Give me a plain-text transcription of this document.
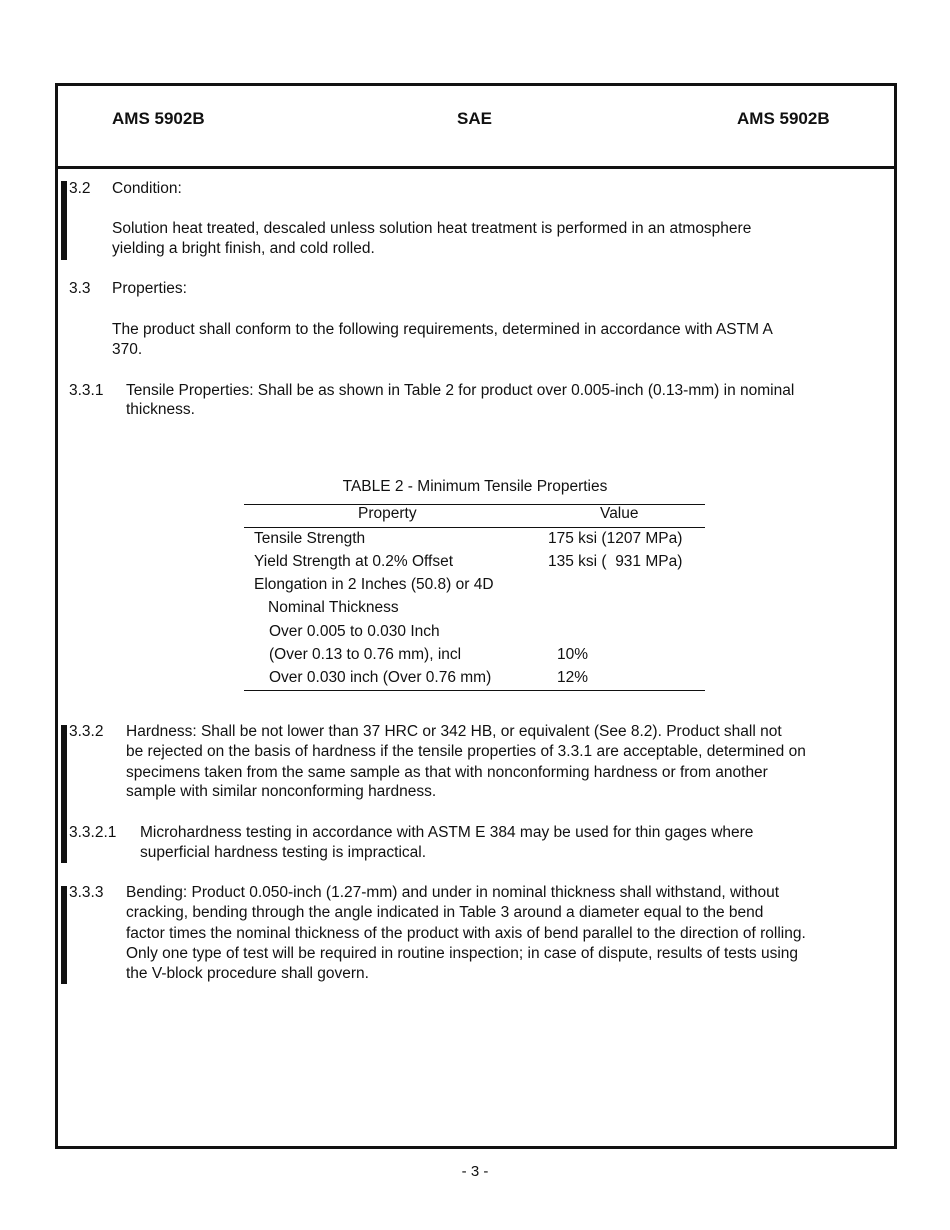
AMS 5902B	SAE	AMS 5902B
3.2 Condition:
Solution heat treated, descaled unless solution heat treatment is performed in an atmosphere
yielding a bright finish, and cold rolled.
3.3 Properties:
The product shall conform to the following requirements, determined in accordance with ASTM A
370.
3.3.1 Tensile Properties: Shall be as shown in Table 2 for product over 0.005-inch (0.13-mm) in nominal
thickness.
TABLE 2 - Minimum Tensile Properties
Property	Value
Tensile Strength	175 ksi (1207 MPa)
Yield Strength at 0.2% Offset	135 ksi (  931 MPa)
Elongation in 2 Inches (50.8) or 4D
Nominal Thickness
Over 0.005 to 0.030 Inch
(Over 0.13 to 0.76 mm), incl	10%
Over 0.030 inch (Over 0.76 mm)	12%
3.3.2 Hardness: Shall be not lower than 37 HRC or 342 HB, or equivalent (See 8.2). Product shall not
be rejected on the basis of hardness if the tensile properties of 3.3.1 are acceptable, determined on
specimens taken from the same sample as that with nonconforming hardness or from another
sample with similar nonconforming hardness.
3.3.2.1 Microhardness testing in accordance with ASTM E 384 may be used for thin gages where
superficial hardness testing is impractical.
3.3.3 Bending: Product 0.050-inch (1.27-mm) and under in nominal thickness shall withstand, without
cracking, bending through the angle indicated in Table 3 around a diameter equal to the bend
factor times the nominal thickness of the product with axis of bend parallel to the direction of rolling.
Only one type of test will be required in routine inspection; in case of dispute, results of tests using
the V-block procedure shall govern.
- 3 -
